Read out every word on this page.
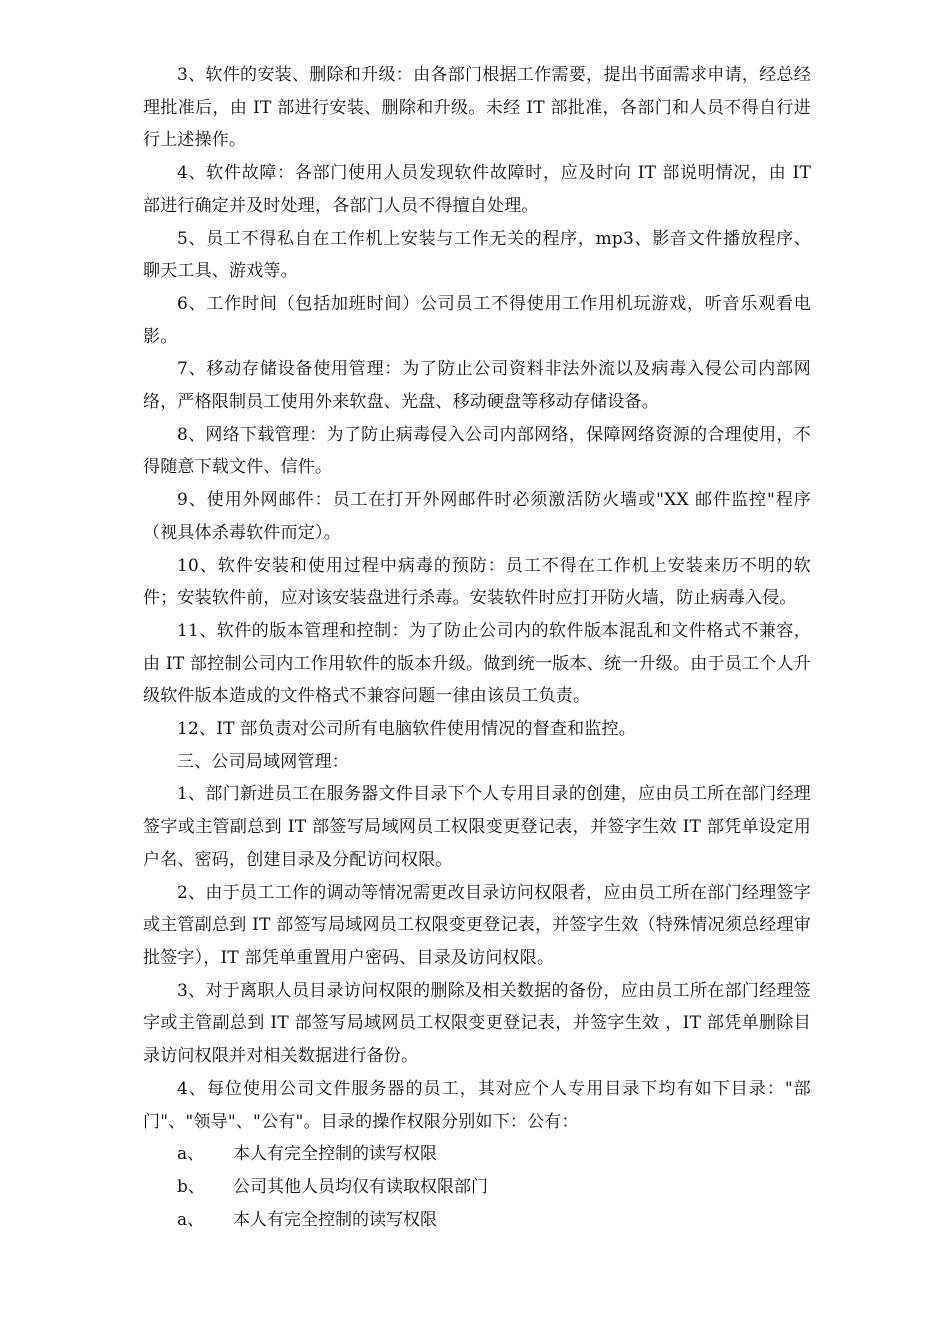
3、软件的安装、删除和升级：由各部门根据工作需要，提出书面需求申请，经总经理批准后，由 IT 部进行安装、删除和升级。未经 IT 部批准，各部门和人员不得自行进行上述操作。

4、软件故障：各部门使用人员发现软件故障时，应及时向 IT 部说明情况，由 IT 部进行确定并及时处理，各部门人员不得擅自处理。

5、员工不得私自在工作机上安装与工作无关的程序，mp3、影音文件播放程序、聊天工具、游戏等。

6、工作时间（包括加班时间）公司员工不得使用工作用机玩游戏，听音乐观看电影。

7、移动存储设备使用管理：为了防止公司资料非法外流以及病毒入侵公司内部网络，严格限制员工使用外来软盘、光盘、移动硬盘等移动存储设备。

8、网络下载管理：为了防止病毒侵入公司内部网络，保障网络资源的合理使用，不得随意下载文件、信件。

9、使用外网邮件：员工在打开外网邮件时必须激活防火墙或"XX 邮件监控"程序 （视具体杀毒软件而定）。

10、软件安装和使用过程中病毒的预防：员工不得在工作机上安装来历不明的软件；安装软件前，应对该安装盘进行杀毒。安装软件时应打开防火墙，防止病毒入侵。

11、软件的版本管理和控制：为了防止公司内的软件版本混乱和文件格式不兼容，由 IT 部控制公司内工作用软件的版本升级。做到统一版本、统一升级。由于员工个人升级软件版本造成的文件格式不兼容问题一律由该员工负责。

12、IT 部负责对公司所有电脑软件使用情况的督查和监控。

三、公司局域网管理：

1、部门新进员工在服务器文件目录下个人专用目录的创建，应由员工所在部门经理签字或主管副总到 IT 部签写局域网员工权限变更登记表，并签字生效 IT 部凭单设定用户名、密码，创建目录及分配访问权限。

2、由于员工工作的调动等情况需更改目录访问权限者，应由员工所在部门经理签字或主管副总到 IT 部签写局域网员工权限变更登记表，并签字生效（特殊情况须总经理审批签字），IT 部凭单重置用户密码、目录及访问权限。

3、对于离职人员目录访问权限的删除及相关数据的备份，应由员工所在部门经理签字或主管副总到 IT 部签写局域网员工权限变更登记表，并签字生效 ，IT 部凭单删除目录访问权限并对相关数据进行备份。

4、每位使用公司文件服务器的员工，其对应个人专用目录下均有如下目录："部 门"、"领导"、"公有"。目录的操作权限分别如下：公有：

a、 本人有完全控制的读写权限
b、 公司其他人员均仅有读取权限部门
a、 本人有完全控制的读写权限
